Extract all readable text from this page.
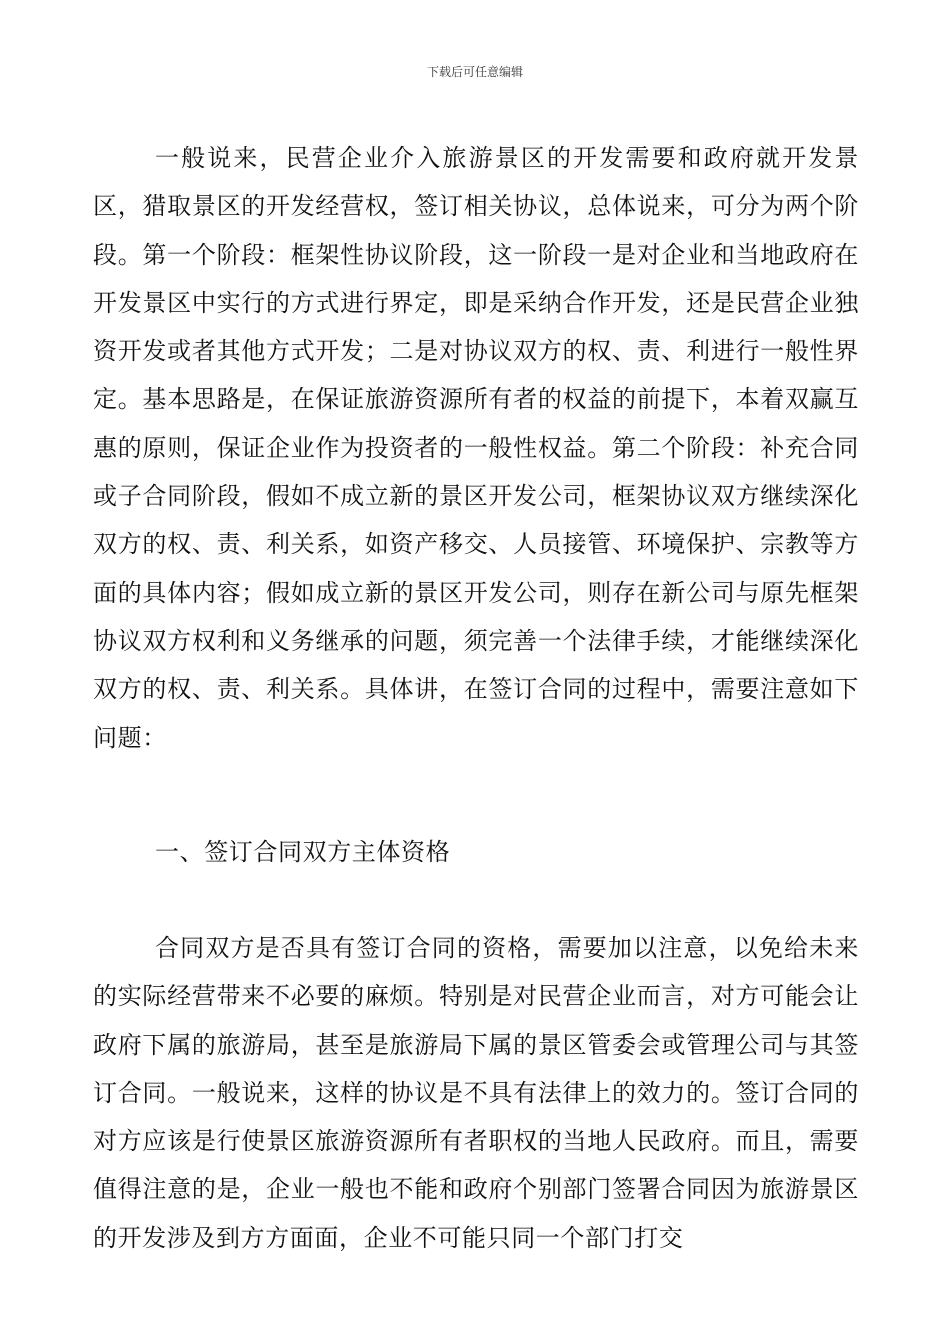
下载后可任意编辑

一般说来，民营企业介入旅游景区的开发需要和政府就开发景区，猎取景区的开发经营权，签订相关协议，总体说来，可分为两个阶段。第一个阶段：框架性协议阶段，这一阶段一是对企业和当地政府在开发景区中实行的方式进行界定，即是采纳合作开发，还是民营企业独资开发或者其他方式开发；二是对协议双方的权、责、利进行一般性界定。基本思路是，在保证旅游资源所有者的权益的前提下，本着双赢互惠的原则，保证企业作为投资者的一般性权益。第二个阶段：补充合同或子合同阶段，假如不成立新的景区开发公司，框架协议双方继续深化双方的权、责、利关系，如资产移交、人员接管、环境保护、宗教等方面的具体内容；假如成立新的景区开发公司，则存在新公司与原先框架协议双方权利和义务继承的问题，须完善一个法律手续，才能继续深化双方的权、责、利关系。具体讲，在签订合同的过程中，需要注意如下问题：

一、签订合同双方主体资格

合同双方是否具有签订合同的资格，需要加以注意，以免给未来的实际经营带来不必要的麻烦。特别是对民营企业而言，对方可能会让政府下属的旅游局，甚至是旅游局下属的景区管委会或管理公司与其签订合同。一般说来，这样的协议是不具有法律上的效力的。签订合同的对方应该是行使景区旅游资源所有者职权的当地人民政府。而且，需要值得注意的是，企业一般也不能和政府个别部门签署合同因为旅游景区的开发涉及到方方面面，企业不可能只同一个部门打交
